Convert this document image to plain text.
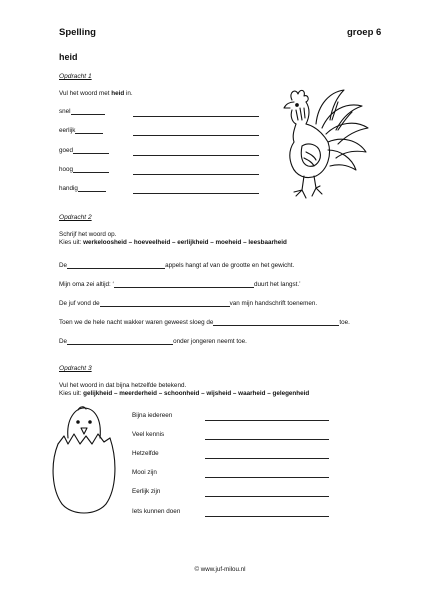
Spelling	groep 6
heid
Opdracht 1
Vul het woord met heid in.
snel
eerlijk
goed
hoog
handig
Opdracht 2
Schrijf het woord op.
Kies uit: werkeloosheid – hoeveelheid – eerlijkheid – moeheid – leesbaarheid
De	appels hangt af van de grootte en het gewicht.
Mijn oma zei altijd: ‘	duurt het langst.’
De juf vond de	van mijn handschrift toenemen.
Toen we de hele nacht wakker waren geweest sloeg de	toe.
De	onder jongeren neemt toe.
Opdracht 3
Vul het woord in dat bijna hetzelfde betekend.
Kies uit: gelijkheid – meerderheid – schoonheid – wijsheid – waarheid – gelegenheid
Bijna iedereen
Veel kennis
Hetzelfde
Mooi zijn
Eerlijk zijn
Iets kunnen doen
© www.juf-milou.nl
